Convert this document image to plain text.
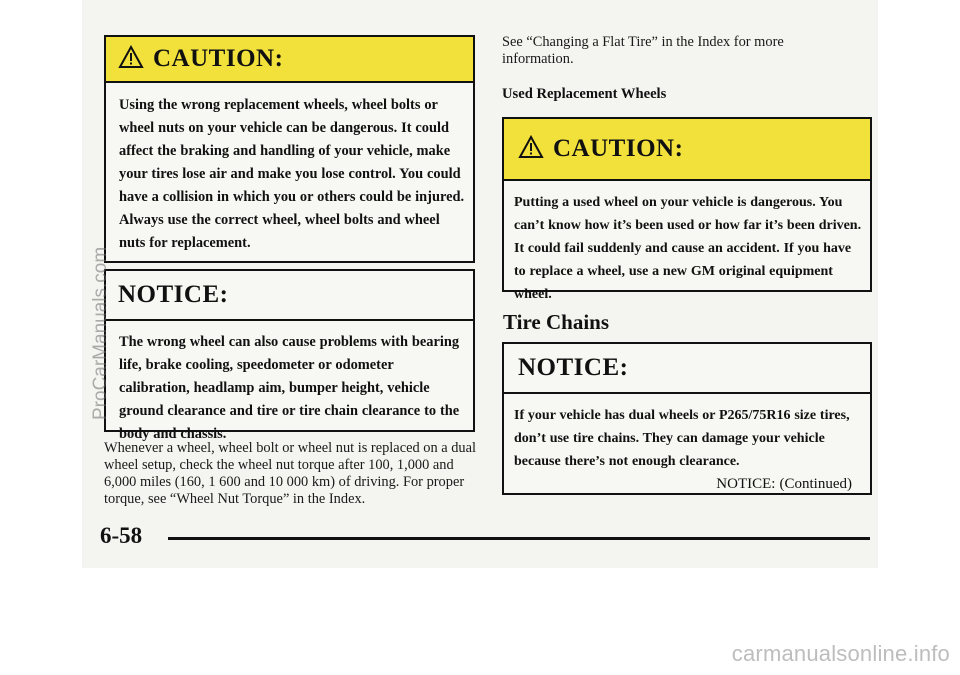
CAUTION:
Using the wrong replacement wheels, wheel bolts or wheel nuts on your vehicle can be dangerous. It could affect the braking and handling of your vehicle, make your tires lose air and make you lose control. You could have a collision in which you or others could be injured. Always use the correct wheel, wheel bolts and wheel nuts for replacement.
NOTICE:
The wrong wheel can also cause problems with bearing life, brake cooling, speedometer or odometer calibration, headlamp aim, bumper height, vehicle ground clearance and tire or tire chain clearance to the body and chassis.
Whenever a wheel, wheel bolt or wheel nut is replaced on a dual wheel setup, check the wheel nut torque after 100, 1,000 and 6,000 miles (160, 1 600 and 10 000 km) of driving. For proper torque, see “Wheel Nut Torque” in the Index.
See “Changing a Flat Tire” in the Index for more information.
Used Replacement Wheels
CAUTION:
Putting a used wheel on your vehicle is dangerous. You can’t know how it’s been used or how far it’s been driven. It could fail suddenly and cause an accident. If you have to replace a wheel, use a new GM original equipment wheel.
Tire Chains
NOTICE:
If your vehicle has dual wheels or P265/75R16 size tires, don’t use tire chains. They can damage your vehicle because there’s not enough clearance.
NOTICE: (Continued)
6-58
ProCarManuals.com
carmanualsonline.info
